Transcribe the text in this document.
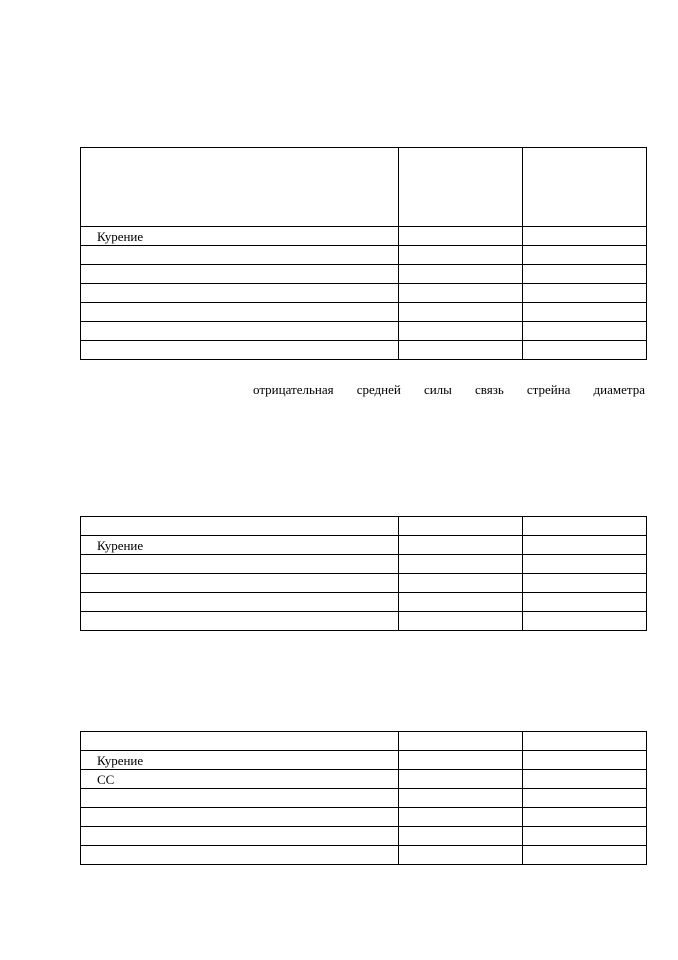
Курение		

отрицательная средней силы связь стрейна диаметра

Курение		

Курение		
СС		
